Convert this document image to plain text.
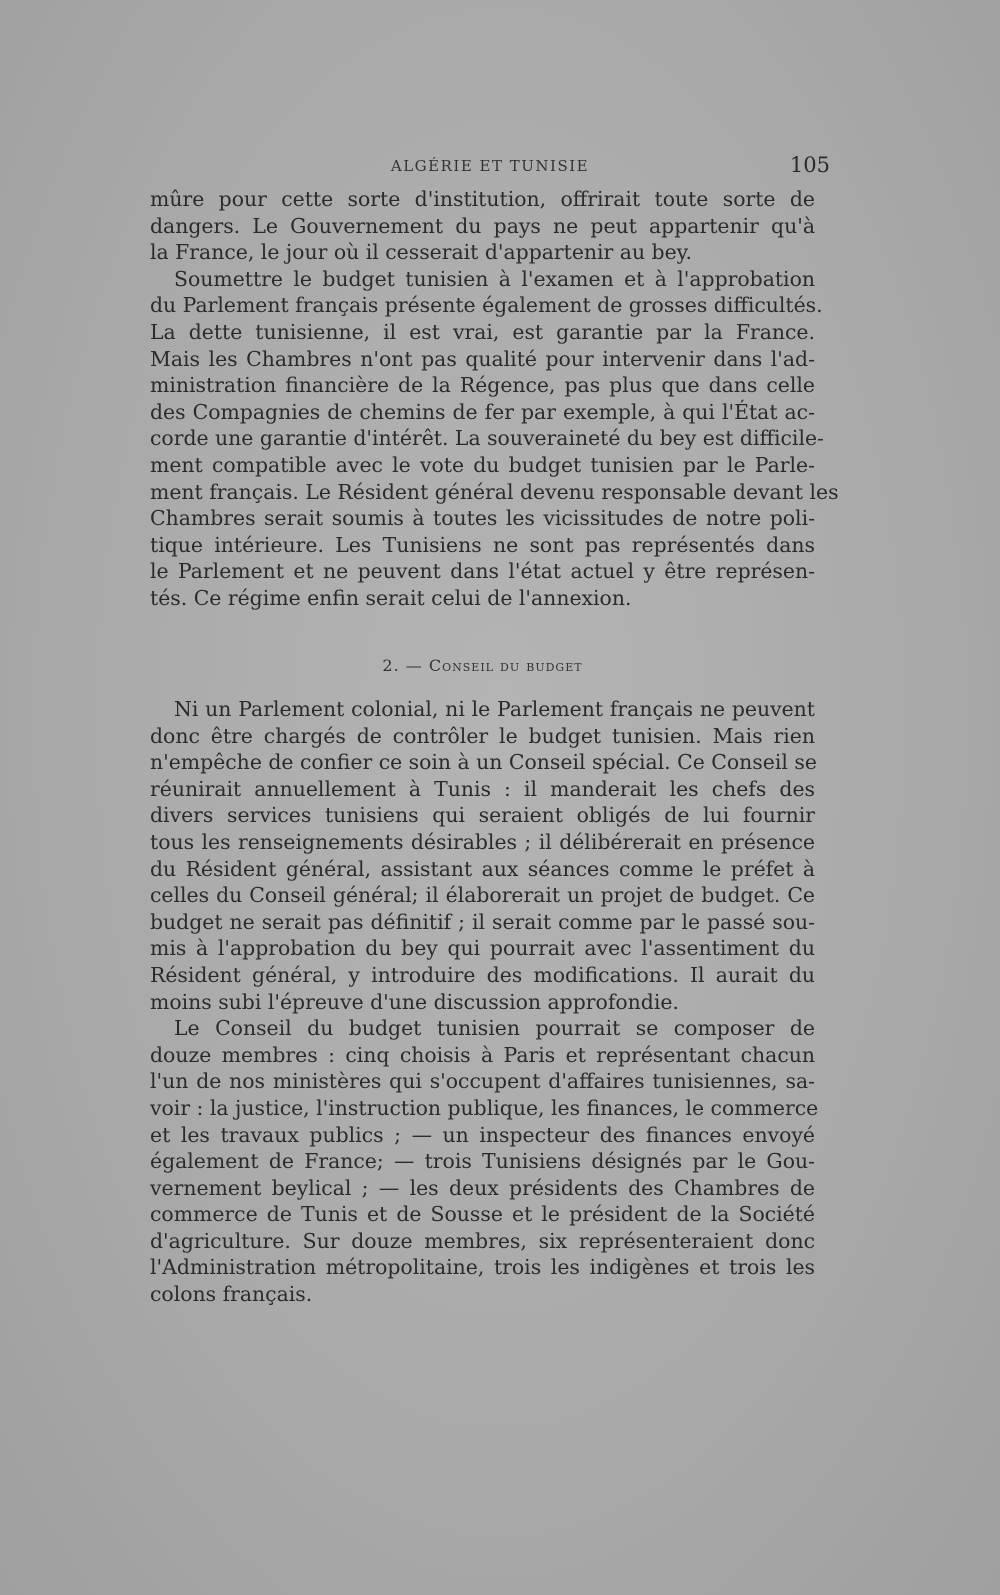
ALGÉRIE ET TUNISIE	105

mûre pour cette sorte d'institution, offrirait toute sorte de
dangers. Le Gouvernement du pays ne peut appartenir qu'à
la France, le jour où il cesserait d'appartenir au bey.

Soumettre le budget tunisien à l'examen et à l'approbation
du Parlement français présente également de grosses difficultés.
La dette tunisienne, il est vrai, est garantie par la France.
Mais les Chambres n'ont pas qualité pour intervenir dans l'ad-
ministration financière de la Régence, pas plus que dans celle
des Compagnies de chemins de fer par exemple, à qui l'État ac-
corde une garantie d'intérêt. La souveraineté du bey est difficile-
ment compatible avec le vote du budget tunisien par le Parle-
ment français. Le Résident général devenu responsable devant les
Chambres serait soumis à toutes les vicissitudes de notre poli-
tique intérieure. Les Tunisiens ne sont pas représentés dans
le Parlement et ne peuvent dans l'état actuel y être représen-
tés. Ce régime enfin serait celui de l'annexion.

2. — Conseil du budget

Ni un Parlement colonial, ni le Parlement français ne peuvent
donc être chargés de contrôler le budget tunisien. Mais rien
n'empêche de confier ce soin à un Conseil spécial. Ce Conseil se
réunirait annuellement à Tunis : il manderait les chefs des
divers services tunisiens qui seraient obligés de lui fournir
tous les renseignements désirables ; il délibérerait en présence
du Résident général, assistant aux séances comme le préfet à
celles du Conseil général; il élaborerait un projet de budget. Ce
budget ne serait pas définitif ; il serait comme par le passé sou-
mis à l'approbation du bey qui pourrait avec l'assentiment du
Résident général, y introduire des modifications. Il aurait du
moins subi l'épreuve d'une discussion approfondie.

Le Conseil du budget tunisien pourrait se composer de
douze membres : cinq choisis à Paris et représentant chacun
l'un de nos ministères qui s'occupent d'affaires tunisiennes, sa-
voir : la justice, l'instruction publique, les finances, le commerce
et les travaux publics ; — un inspecteur des finances envoyé
également de France; — trois Tunisiens désignés par le Gou-
vernement beylical ; — les deux présidents des Chambres de
commerce de Tunis et de Sousse et le président de la Société
d'agriculture. Sur douze membres, six représenteraient donc
l'Administration métropolitaine, trois les indigènes et trois les
colons français.
